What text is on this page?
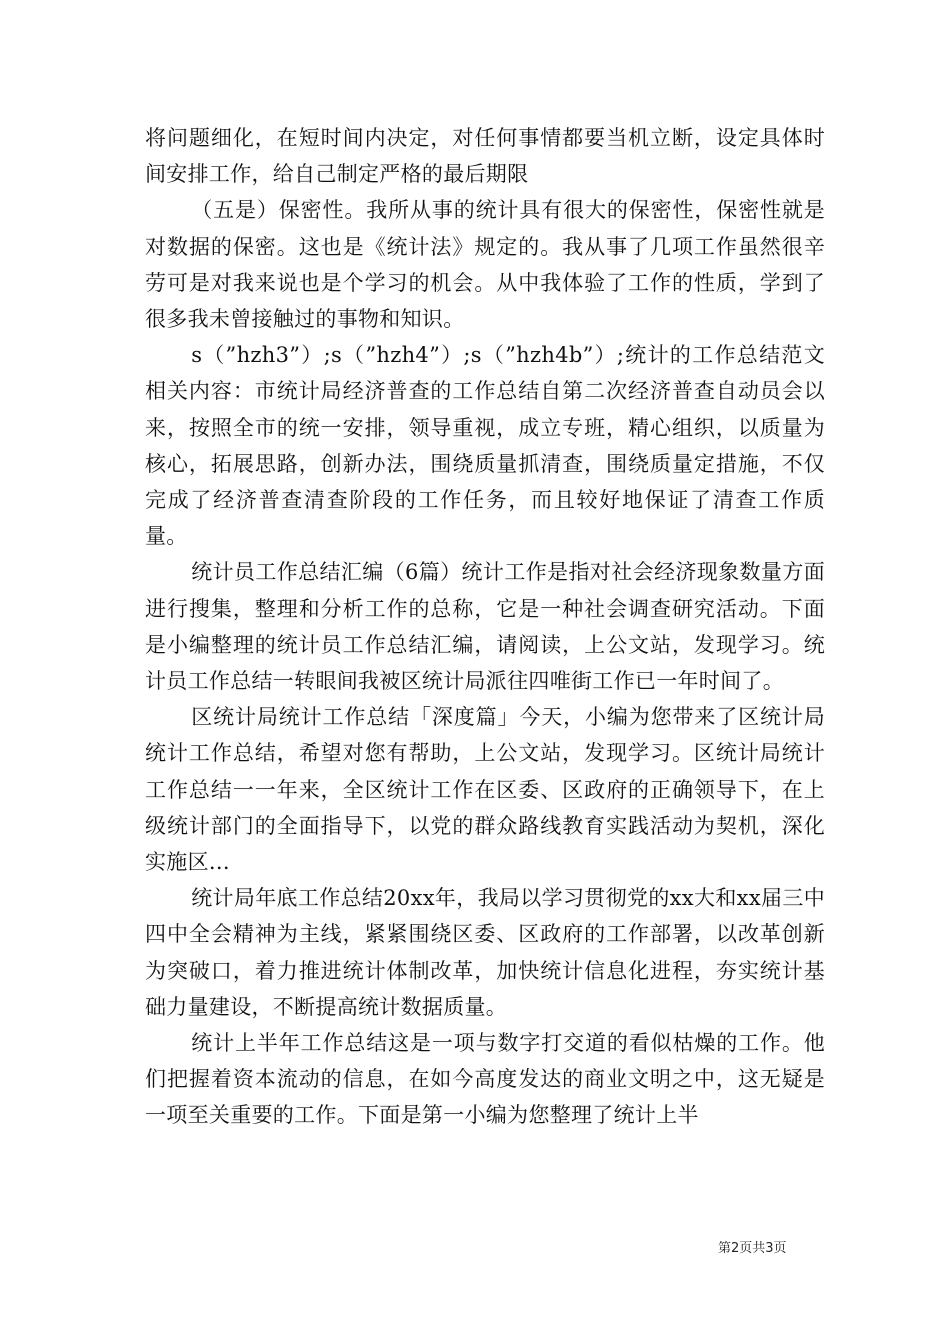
将问题细化，在短时间内决定，对任何事情都要当机立断，设定具体时间安排工作，给自己制定严格的最后期限

（五是）保密性。我所从事的统计具有很大的保密性，保密性就是对数据的保密。这也是《统计法》规定的。我从事了几项工作虽然很辛劳可是对我来说也是个学习的机会。从中我体验了工作的性质，学到了很多我未曾接触过的事物和知识。

s（”hzh3”）;s（”hzh4”）;s（”hzh4b”）;统计的工作总结范文相关内容：市统计局经济普查的工作总结自第二次经济普查自动员会以来，按照全市的统一安排，领导重视，成立专班，精心组织，以质量为核心，拓展思路，创新办法，围绕质量抓清查，围绕质量定措施，不仅完成了经济普查清查阶段的工作任务，而且较好地保证了清查工作质量。

统计员工作总结汇编（6篇）统计工作是指对社会经济现象数量方面进行搜集，整理和分析工作的总称，它是一种社会调查研究活动。下面是小编整理的统计员工作总结汇编，请阅读，上公文站，发现学习。统计员工作总结一转眼间我被区统计局派往四唯街工作已一年时间了。

区统计局统计工作总结「深度篇」今天，小编为您带来了区统计局统计工作总结，希望对您有帮助，上公文站，发现学习。区统计局统计工作总结一一年来，全区统计工作在区委、区政府的正确领导下，在上级统计部门的全面指导下，以党的群众路线教育实践活动为契机，深化实施区...

统计局年底工作总结20xx年，我局以学习贯彻党的xx大和xx届三中四中全会精神为主线，紧紧围绕区委、区政府的工作部署，以改革创新为突破口，着力推进统计体制改革，加快统计信息化进程，夯实统计基础力量建设，不断提高统计数据质量。

统计上半年工作总结这是一项与数字打交道的看似枯燥的工作。他们把握着资本流动的信息，在如今高度发达的商业文明之中，这无疑是一项至关重要的工作。下面是第一小编为您整理了统计上半

第2页共3页
